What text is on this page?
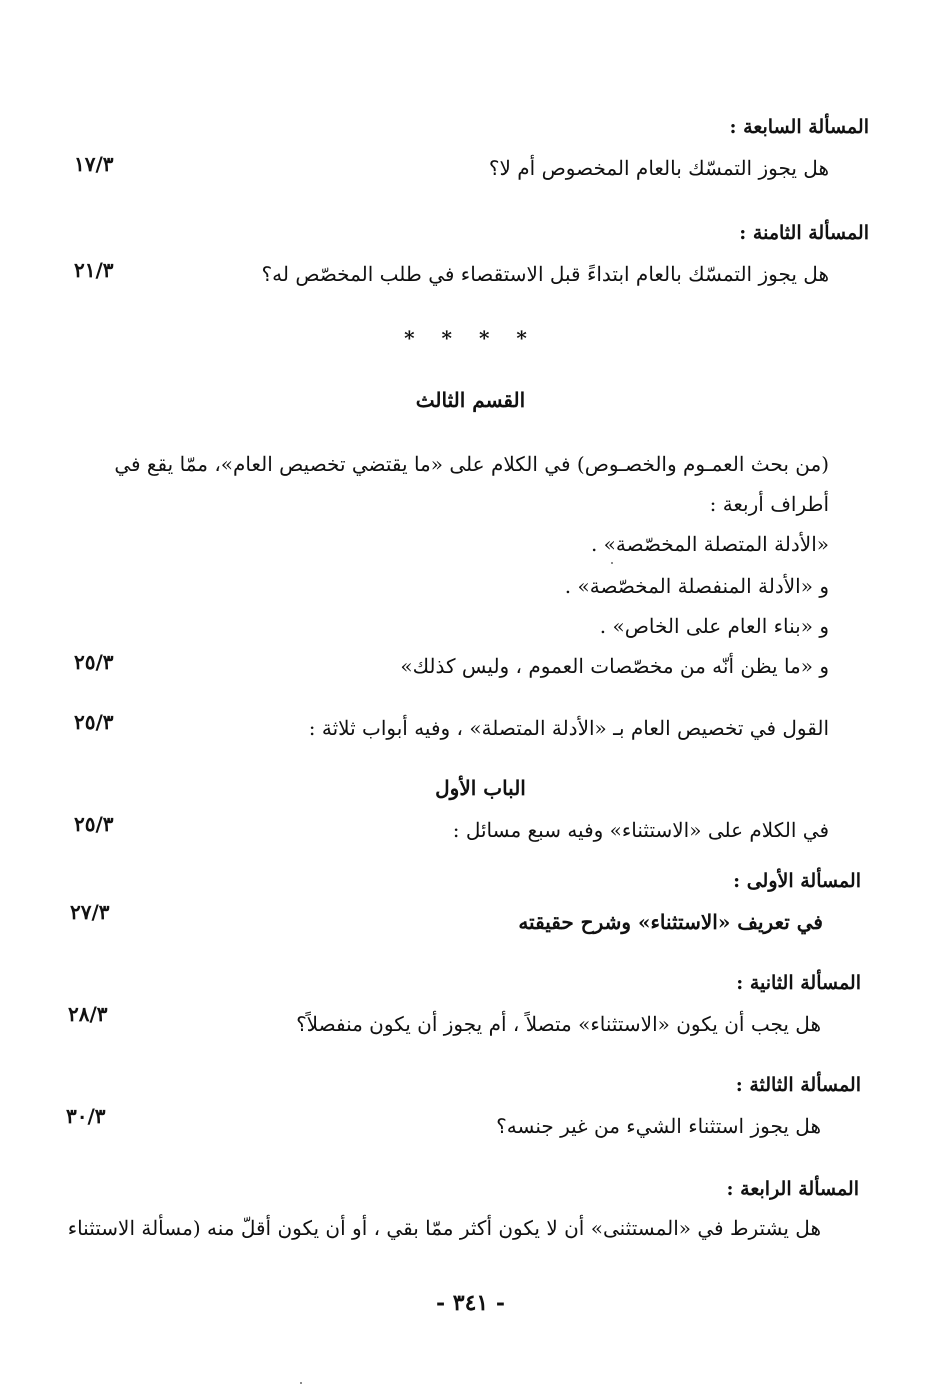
المسألة السابعة :
هل يجوز التمسّك بالعام المخصوص أم لا؟
١٧/٣
المسألة الثامنة :
هل يجوز التمسّك بالعام ابتداءً قبل الاستقصاء في طلب المخصّص له؟
٢١/٣
* * * *
القسم الثالث
(من بحث العمـوم والخصـوص) في الكلام على «ما يقتضي تخصيص العام»، ممّا يقع في
أطراف أربعة :
«الأدلة المتصلة المخصّصة» .
و «الأدلة المنفصلة المخصّصة» .
و «بناء العام على الخاص» .
و «ما يظن أنّه من مخصّصات العموم ، وليس كذلك»
٢٥/٣
القول في تخصيص العام بـ «الأدلة المتصلة» ، وفيه أبواب ثلاثة :
٢٥/٣
الباب الأول
في الكلام على «الاستثناء» وفيه سبع مسائل :
٢٥/٣
المسألة الأولى :
في تعريف «الاستثناء» وشرح حقيقته
٢٧/٣
المسألة الثانية :
هل يجب أن يكون «الاستثناء» متصلاً ، أم يجوز أن يكون منفصلاً؟
٢٨/٣
المسألة الثالثة :
هل يجوز استثناء الشيء من غير جنسه؟
٣٠/٣
المسألة الرابعة :
هل يشترط في «المستثنى» أن لا يكون أكثر ممّا بقي ، أو أن يكون أقلّ منه (مسألة الاستثناء
- ٣٤١ -
